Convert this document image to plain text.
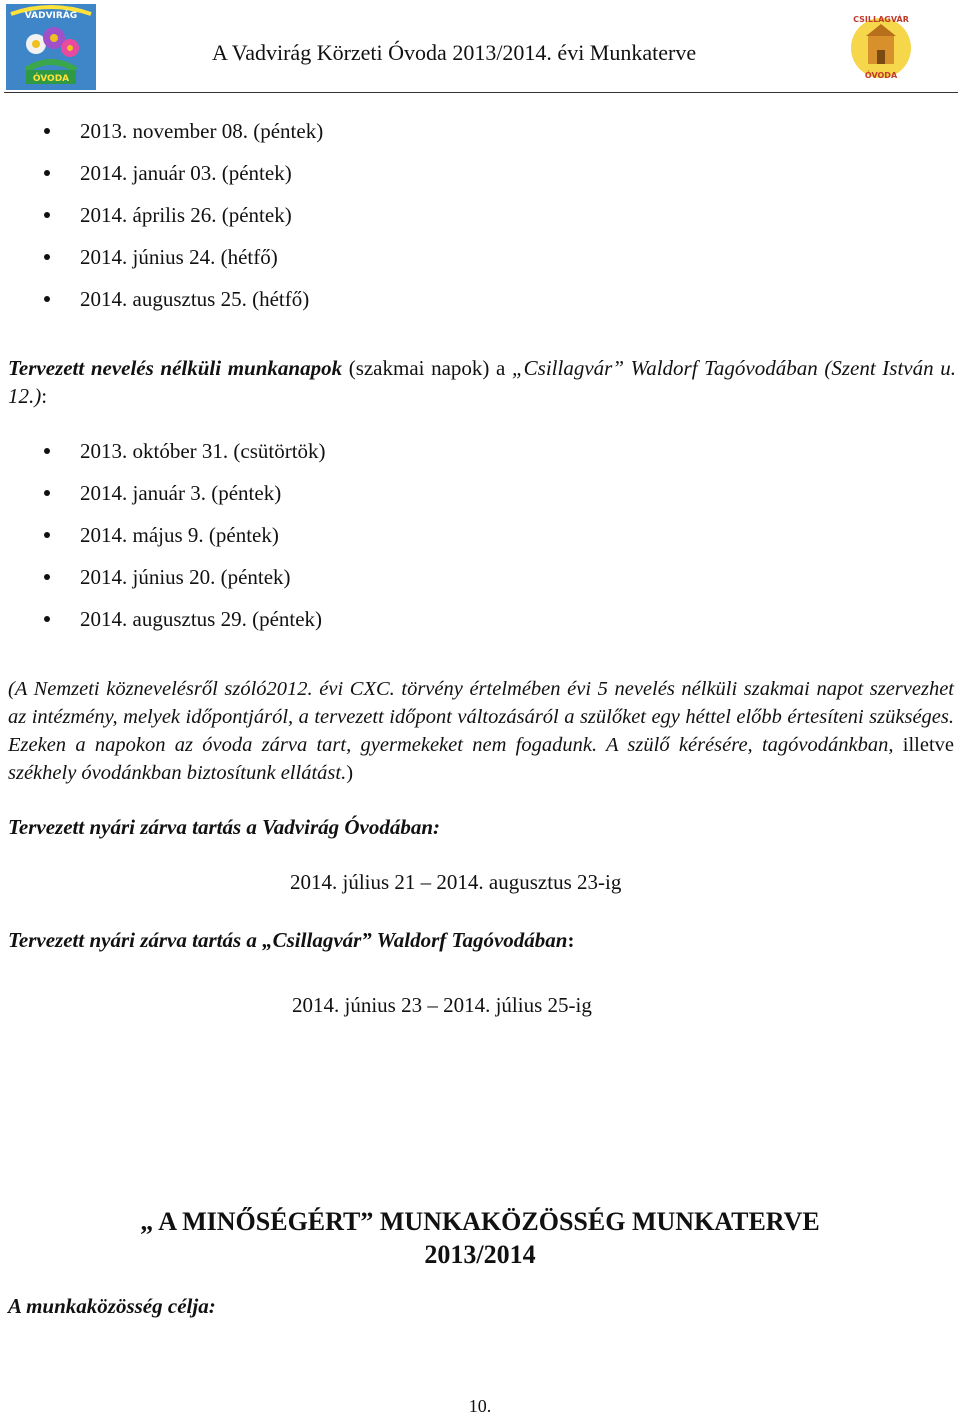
VADVIRÁG
ÓVODA
A Vadvirág Körzeti Óvoda 2013/2014. évi Munkaterve
CSILLAGVÁR
ÓVODA
2013. november 08. (péntek)
2014. január 03. (péntek)
2014. április 26. (péntek)
2014. június 24. (hétfő)
2014. augusztus 25. (hétfő)
Tervezett nevelés nélküli munkanapok (szakmai napok) a „Csillagvár” Waldorf Tagóvodában (Szent István u. 12.):
2013. október 31. (csütörtök)
2014. január 3. (péntek)
2014. május 9. (péntek)
2014. június 20. (péntek)
2014. augusztus 29. (péntek)
(A Nemzeti köznevelésről szóló2012. évi CXC. törvény értelmében évi 5 nevelés nélküli szakmai napot szervezhet az intézmény, melyek időpontjáról, a tervezett időpont változásáról a szülőket egy héttel előbb értesíteni szükséges. Ezeken a napokon az óvoda zárva tart, gyermekeket nem fogadunk. A szülő kérésére, tagóvodánkban, illetve székhely óvodánkban biztosítunk ellátást.)
Tervezett nyári zárva tartás a Vadvirág Óvodában:
2014. július 21 – 2014. augusztus 23-ig
Tervezett nyári zárva tartás a „Csillagvár” Waldorf Tagóvodában:
2014. június 23 – 2014. július 25-ig
„ A MINŐSÉGÉRT” MUNKAKÖZÖSSÉG MUNKATERVE
2013/2014
A munkaközösség célja:
10.
